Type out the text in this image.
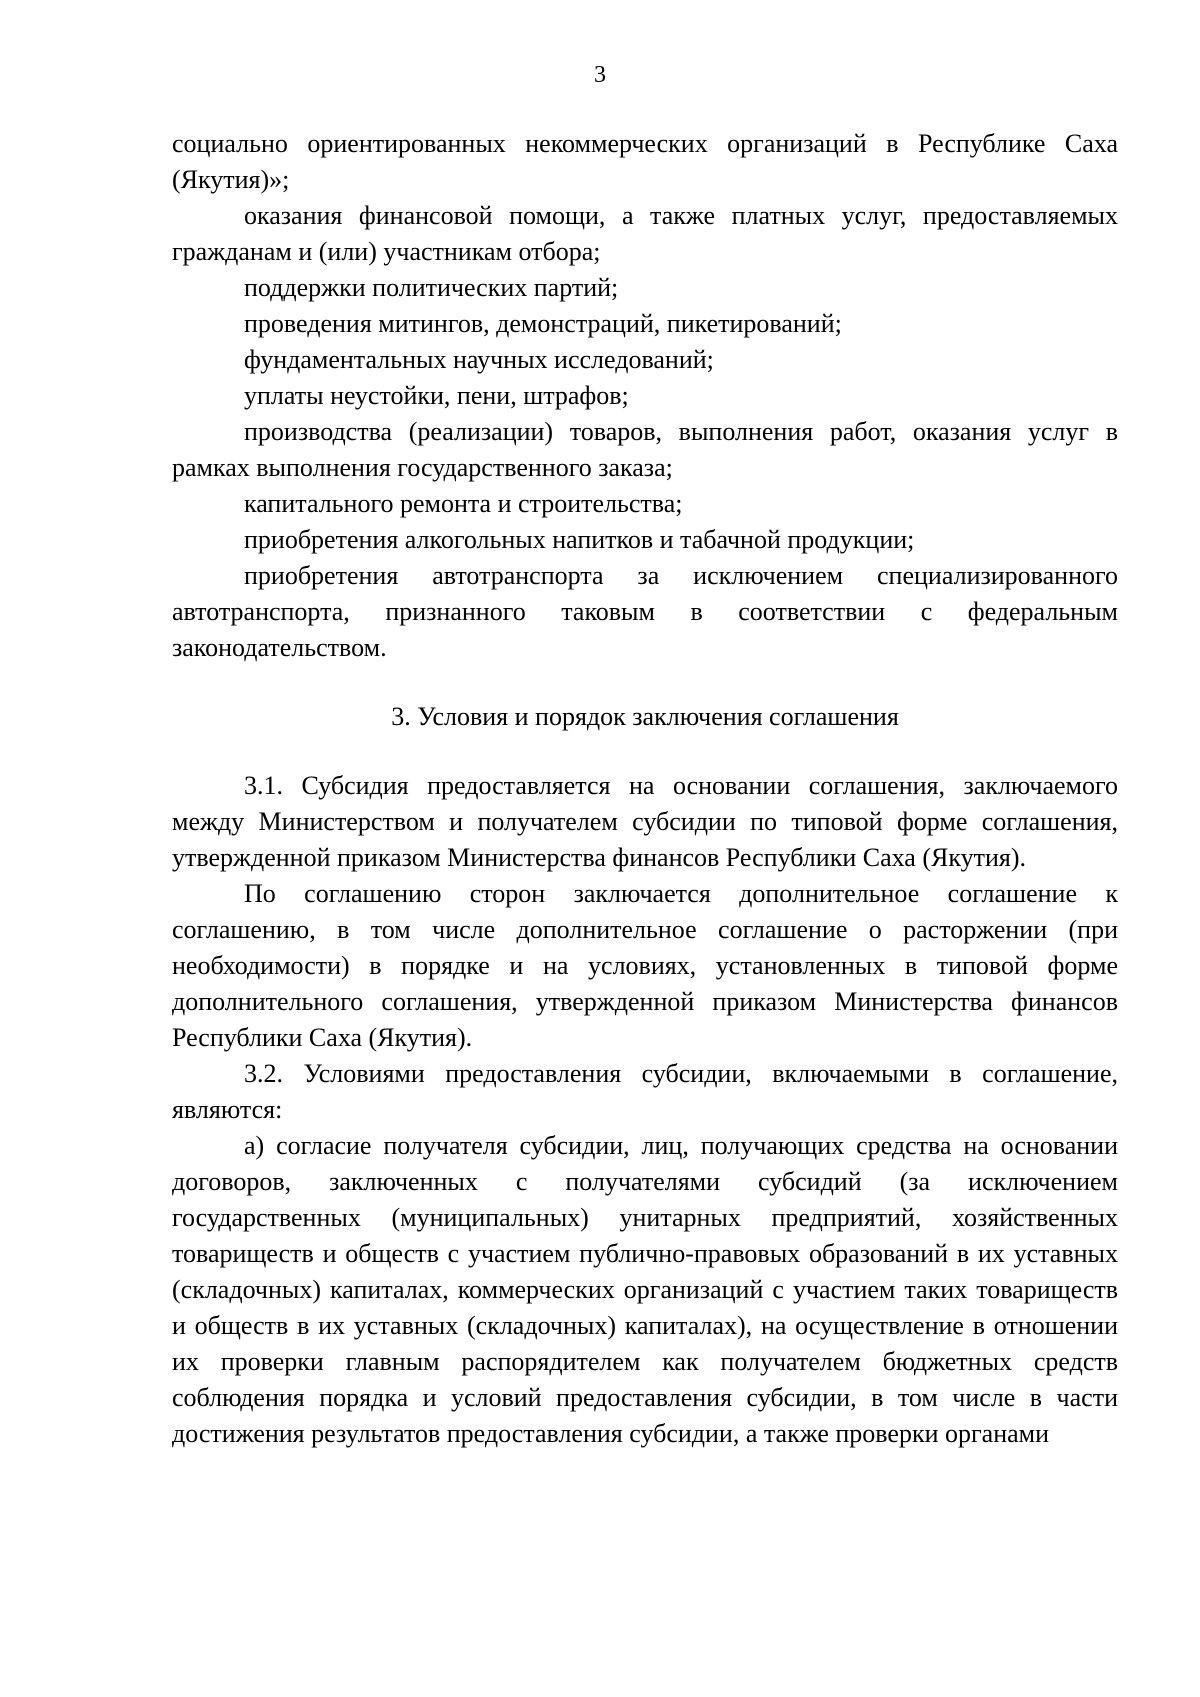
3

социально ориентированных некоммерческих организаций в Республике Саха (Якутия)»;

оказания финансовой помощи, а также платных услуг, предоставляемых гражданам и (или) участникам отбора;

поддержки политических партий;

проведения митингов, демонстраций, пикетирований;

фундаментальных научных исследований;

уплаты неустойки, пени, штрафов;

производства (реализации) товаров, выполнения работ, оказания услуг в рамках выполнения государственного заказа;

капитального ремонта и строительства;

приобретения алкогольных напитков и табачной продукции;

приобретения автотранспорта за исключением специализированного автотранспорта, признанного таковым в соответствии с федеральным законодательством.

3. Условия и порядок заключения соглашения

3.1. Субсидия предоставляется на основании соглашения, заключаемого между Министерством и получателем субсидии по типовой форме соглашения, утвержденной приказом Министерства финансов Республики Саха (Якутия).

По соглашению сторон заключается дополнительное соглашение к соглашению, в том числе дополнительное соглашение о расторжении (при необходимости) в порядке и на условиях, установленных в типовой форме дополнительного соглашения, утвержденной приказом Министерства финансов Республики Саха (Якутия).

3.2. Условиями предоставления субсидии, включаемыми в соглашение, являются:

а) согласие получателя субсидии, лиц, получающих средства на основании договоров, заключенных с получателями субсидий (за исключением государственных (муниципальных) унитарных предприятий, хозяйственных товариществ и обществ с участием публично-правовых образований в их уставных (складочных) капиталах, коммерческих организаций с участием таких товариществ и обществ в их уставных (складочных) капиталах), на осуществление в отношении их проверки главным распорядителем как получателем бюджетных средств соблюдения порядка и условий предоставления субсидии, в том числе в части достижения результатов предоставления субсидии, а также проверки органами
